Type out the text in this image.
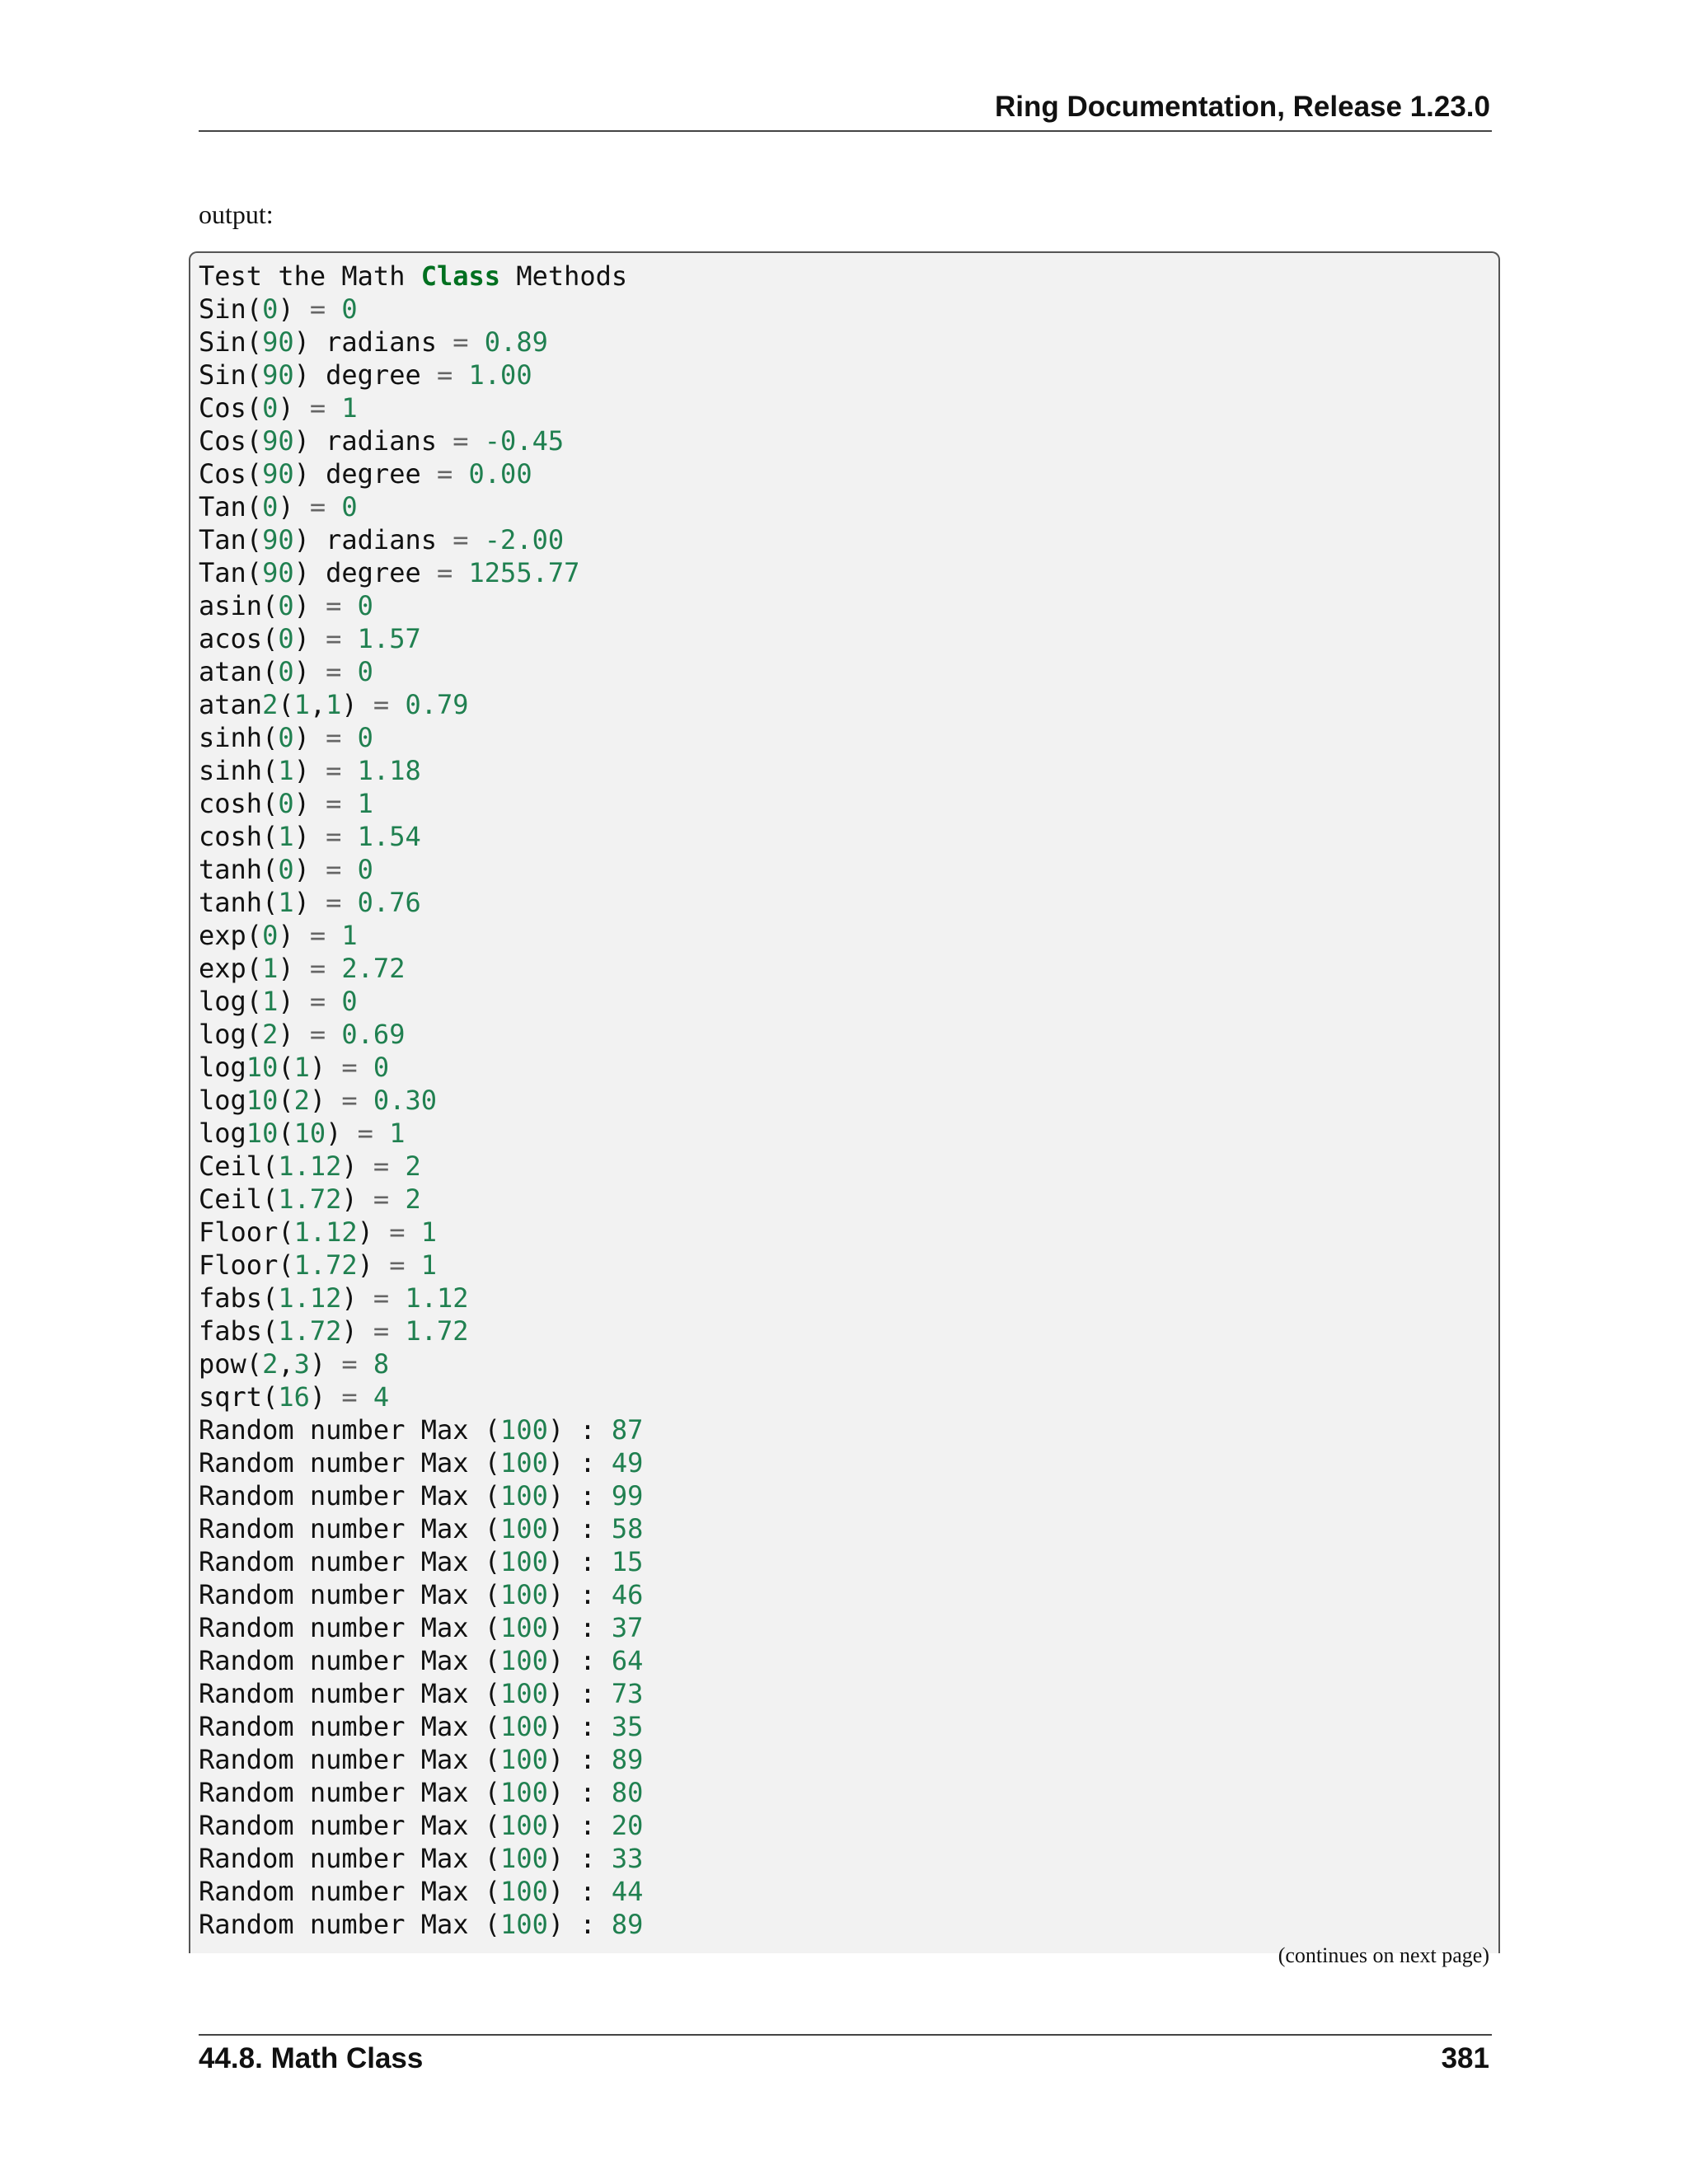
Ring Documentation, Release 1.23.0
output:
Test the Math Class Methods
Sin(0) = 0
Sin(90) radians = 0.89
Sin(90) degree = 1.00
Cos(0) = 1
Cos(90) radians = -0.45
Cos(90) degree = 0.00
Tan(0) = 0
Tan(90) radians = -2.00
Tan(90) degree = 1255.77
asin(0) = 0
acos(0) = 1.57
atan(0) = 0
atan2(1,1) = 0.79
sinh(0) = 0
sinh(1) = 1.18
cosh(0) = 1
cosh(1) = 1.54
tanh(0) = 0
tanh(1) = 0.76
exp(0) = 1
exp(1) = 2.72
log(1) = 0
log(2) = 0.69
log10(1) = 0
log10(2) = 0.30
log10(10) = 1
Ceil(1.12) = 2
Ceil(1.72) = 2
Floor(1.12) = 1
Floor(1.72) = 1
fabs(1.12) = 1.12
fabs(1.72) = 1.72
pow(2,3) = 8
sqrt(16) = 4
Random number Max (100) : 87
Random number Max (100) : 49
Random number Max (100) : 99
Random number Max (100) : 58
Random number Max (100) : 15
Random number Max (100) : 46
Random number Max (100) : 37
Random number Max (100) : 64
Random number Max (100) : 73
Random number Max (100) : 35
Random number Max (100) : 89
Random number Max (100) : 80
Random number Max (100) : 20
Random number Max (100) : 33
Random number Max (100) : 44
Random number Max (100) : 89
(continues on next page)
44.8. Math Class	381
